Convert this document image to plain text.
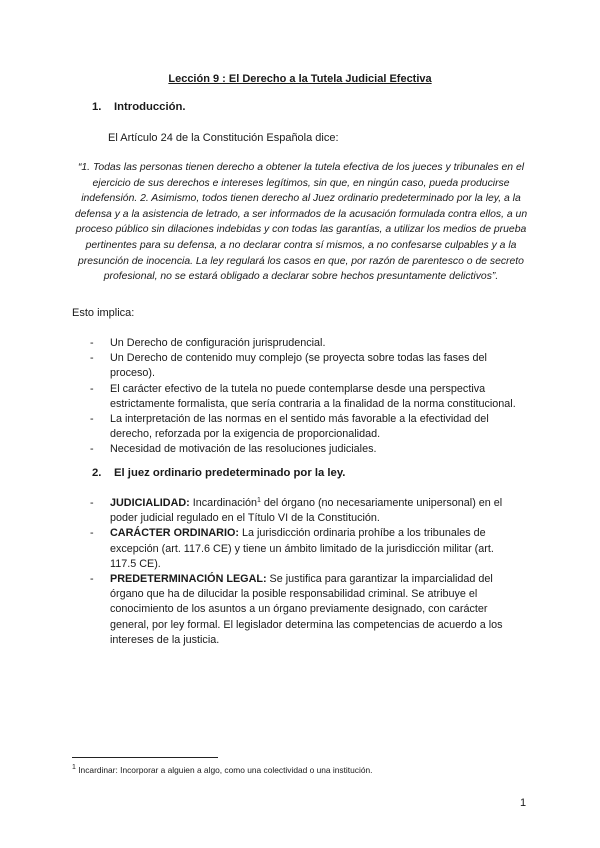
Lección 9 : El Derecho a la Tutela Judicial Efectiva
1. Introducción.
El Artículo 24 de la Constitución Española dice:
“1. Todas las personas tienen derecho a obtener la tutela efectiva de los jueces y tribunales en el ejercicio de sus derechos e intereses legítimos, sin que, en ningún caso, pueda producirse indefensión. 2. Asimismo, todos tienen derecho al Juez ordinario predeterminado por la ley, a la defensa y a la asistencia de letrado, a ser informados de la acusación formulada contra ellos, a un proceso público sin dilaciones indebidas y con todas las garantías, a utilizar los medios de prueba pertinentes para su defensa, a no declarar contra sí mismos, a no confesarse culpables y a la presunción de inocencia. La ley regulará los casos en que, por razón de parentesco o de secreto profesional, no se estará obligado a declarar sobre hechos presuntamente delictivos”.
Esto implica:
- Un Derecho de configuración jurisprudencial.
- Un Derecho de contenido muy complejo (se proyecta sobre todas las fases del proceso).
- El carácter efectivo de la tutela no puede contemplarse desde una perspectiva estrictamente formalista, que sería contraria a la finalidad de la norma constitucional.
- La interpretación de las normas en el sentido más favorable a la efectividad del derecho, reforzada por la exigencia de proporcionalidad.
- Necesidad de motivación de las resoluciones judiciales.
2. El juez ordinario predeterminado por la ley.
- JUDICIALIDAD: Incardinación$^1$ del órgano (no necesariamente unipersonal) en el poder judicial regulado en el Título VI de la Constitución.
- CARÁCTER ORDINARIO: La jurisdicción ordinaria prohíbe a los tribunales de excepción (art. 117.6 CE) y tiene un ámbito limitado de la jurisdicción militar (art. 117.5 CE).
- PREDETERMINACIÓN LEGAL: Se justifica para garantizar la imparcialidad del órgano que ha de dilucidar la posible responsabilidad criminal. Se atribuye el conocimiento de los asuntos a un órgano previamente designado, con carácter general, por ley formal. El legislador determina las competencias de acuerdo a los intereses de la justicia.
$^1$ Incardinar: Incorporar a alguien a algo, como una colectividad o una institución.
1
